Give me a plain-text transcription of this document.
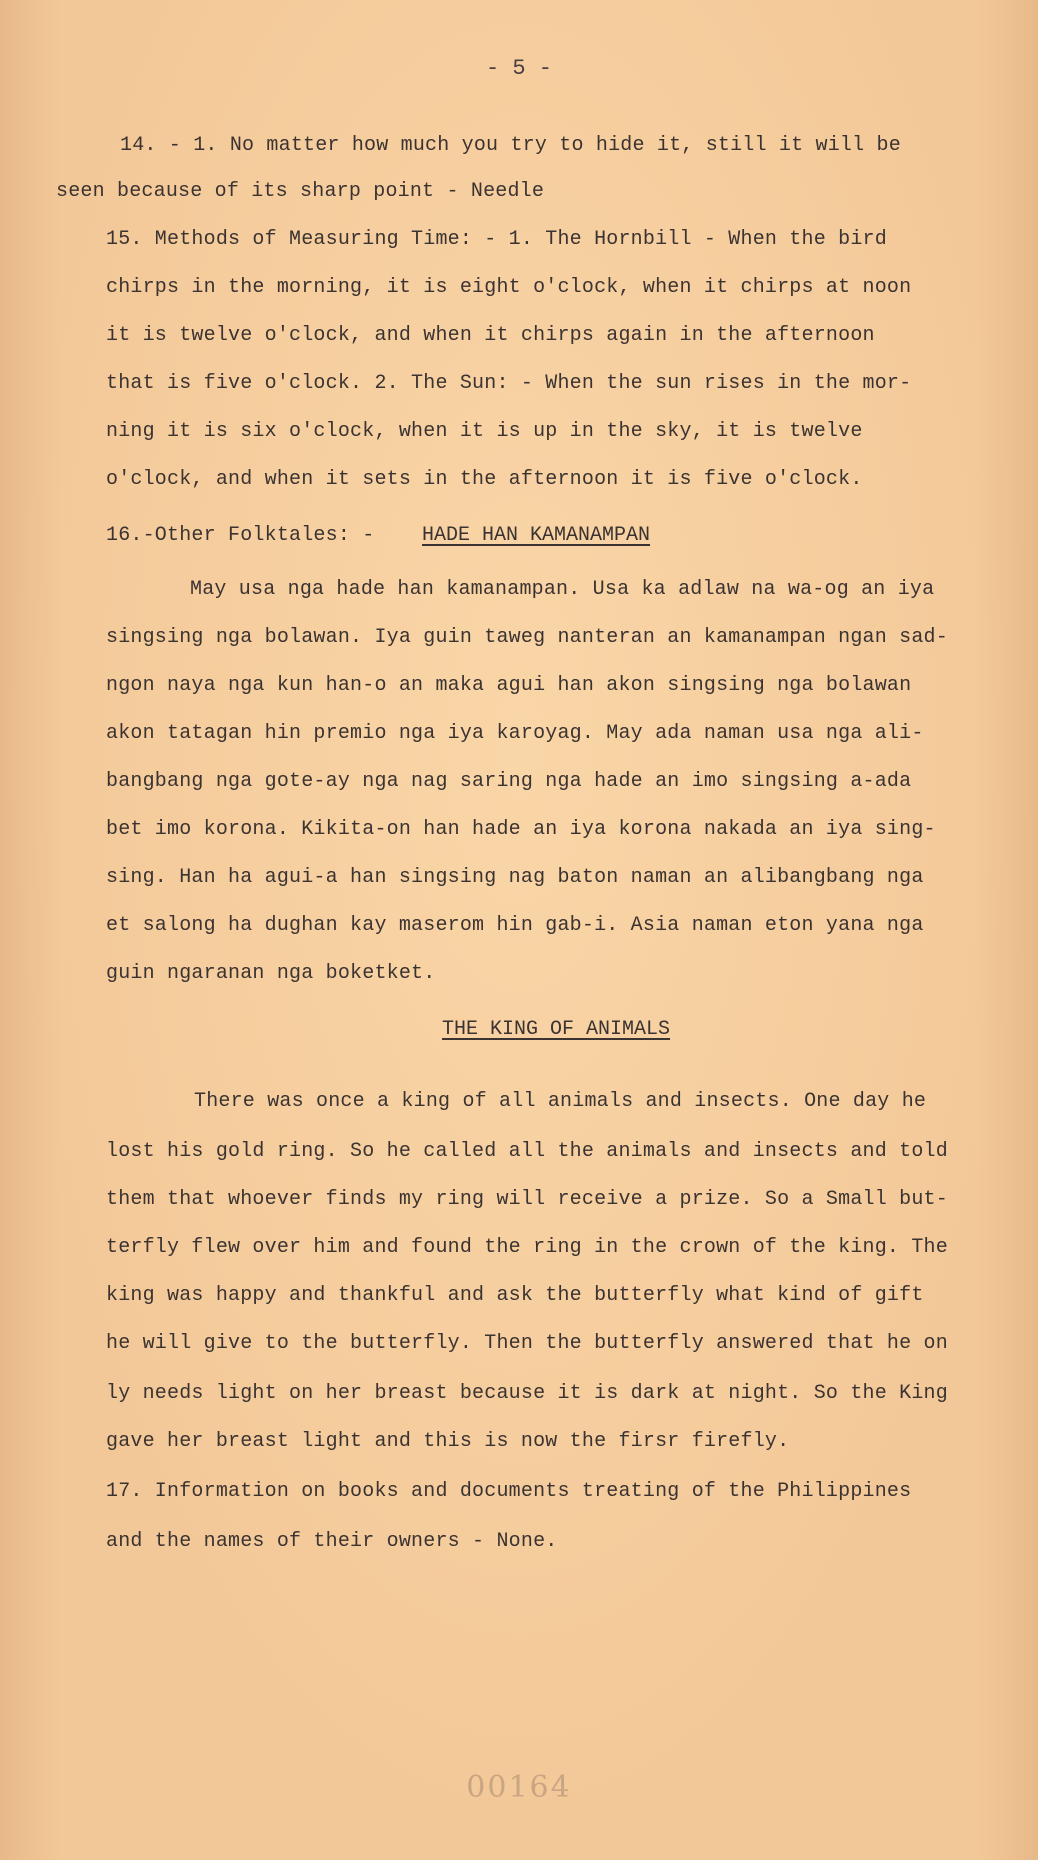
- 5 -
14. - 1. No matter how much you try to hide it, still it will be
seen because of its sharp point - Needle
15. Methods of Measuring Time: - 1. The Hornbill - When the bird
chirps in the morning, it is eight o'clock, when it chirps at noon
it is twelve o'clock, and when it chirps again in the afternoon
that is five o'clock. 2. The Sun: - When the sun rises in the mor-
ning it is six o'clock, when it is up in the sky, it is twelve
o'clock, and when it sets in the afternoon it is five o'clock.
16.-Other Folktales: - HADE HAN KAMANAMPAN
May usa nga hade han kamanampan. Usa ka adlaw na wa-og an iya
singsing nga bolawan. Iya guin taweg nanteran an kamanampan ngan sad-
ngon naya nga kun han-o an maka agui han akon singsing nga bolawan
akon tatagan hin premio nga iya karoyag. May ada naman usa nga ali-
bangbang nga gote-ay nga nag saring nga hade an imo singsing a-ada
bet imo korona. Kikita-on han hade an iya korona nakada an iya sing-
sing. Han ha agui-a han singsing nag baton naman an alibangbang nga
et salong ha dughan kay maserom hin gab-i. Asia naman eton yana nga
guin ngaranan nga boketket.
THE KING OF ANIMALS
There was once a king of all animals and insects. One day he
lost his gold ring. So he called all the animals and insects and told
them that whoever finds my ring will receive a prize. So a Small but-
terfly flew over him and found the ring in the crown of the king. The
king was happy and thankful and ask the butterfly what kind of gift
he will give to the butterfly. Then the butterfly answered that he on
ly needs light on her breast because it is dark at night. So the King
gave her breast light and this is now the firsr firefly.
17. Information on books and documents treating of the Philippines
and the names of their owners - None.
00164
